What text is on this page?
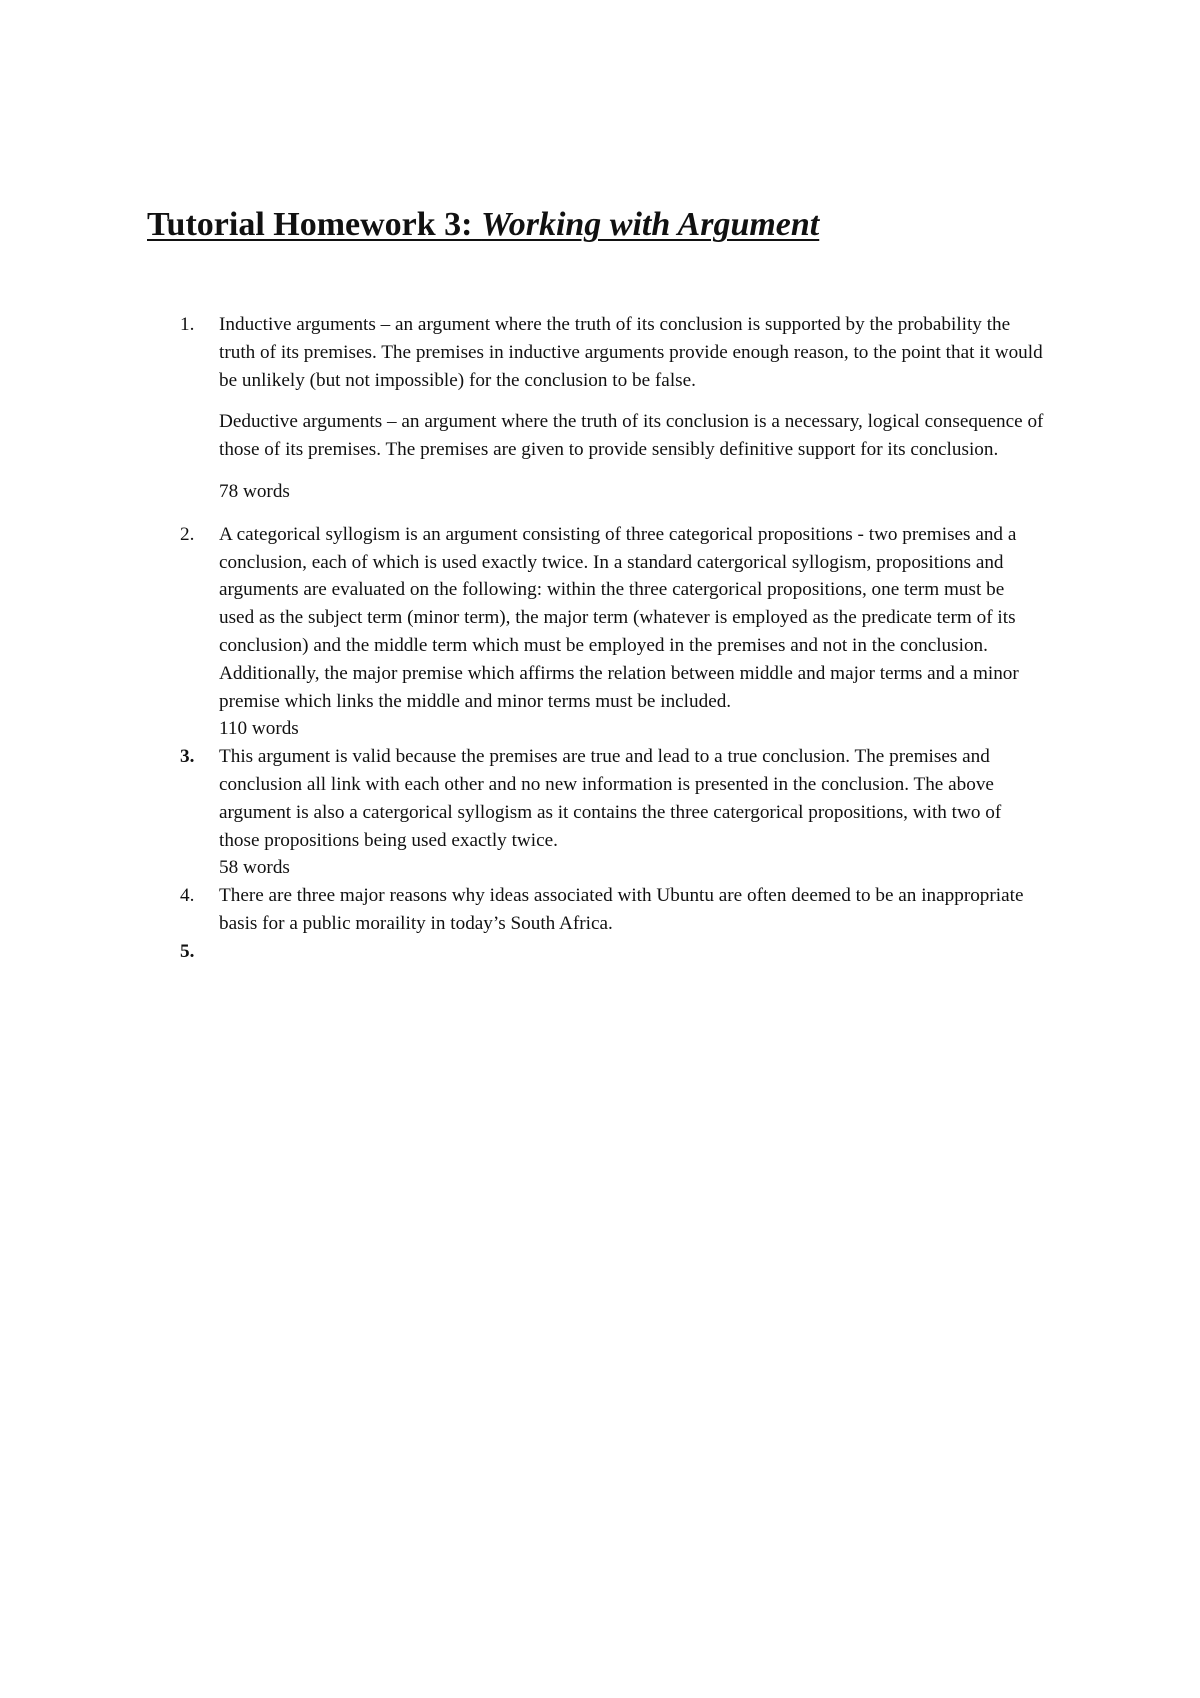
Tutorial Homework 3: Working with Argument
1.	Inductive arguments – an argument where the truth of its conclusion is supported by the probability the truth of its premises. The premises in inductive arguments provide enough reason, to the point that it would be unlikely (but not impossible) for the conclusion to be false.

Deductive arguments – an argument where the truth of its conclusion is a necessary, logical consequence of those of its premises. The premises are given to provide sensibly definitive support for its conclusion.

78 words

2.	A categorical syllogism is an argument consisting of three categorical propositions - two premises and a conclusion, each of which is used exactly twice. In a standard catergorical syllogism, propositions and arguments are evaluated on the following: within the three catergorical propositions, one term must be used as the subject term (minor term), the major term (whatever is employed as the predicate term of its conclusion) and the middle term which must be employed in the premises and not in the conclusion. Additionally, the major premise which affirms the relation between middle and major terms and a minor premise which links the middle and minor terms must be included.

110 words

3.	This argument is valid because the premises are true and lead to a true conclusion. The premises and conclusion all link with each other and no new information is presented in the conclusion. The above argument is also a catergorical syllogism as it contains the three catergorical propositions, with two of those propositions being used exactly twice.

58 words

4.	There are three major reasons why ideas associated with Ubuntu are often deemed to be an inappropriate basis for a public moraility in today’s South Africa.

5.
